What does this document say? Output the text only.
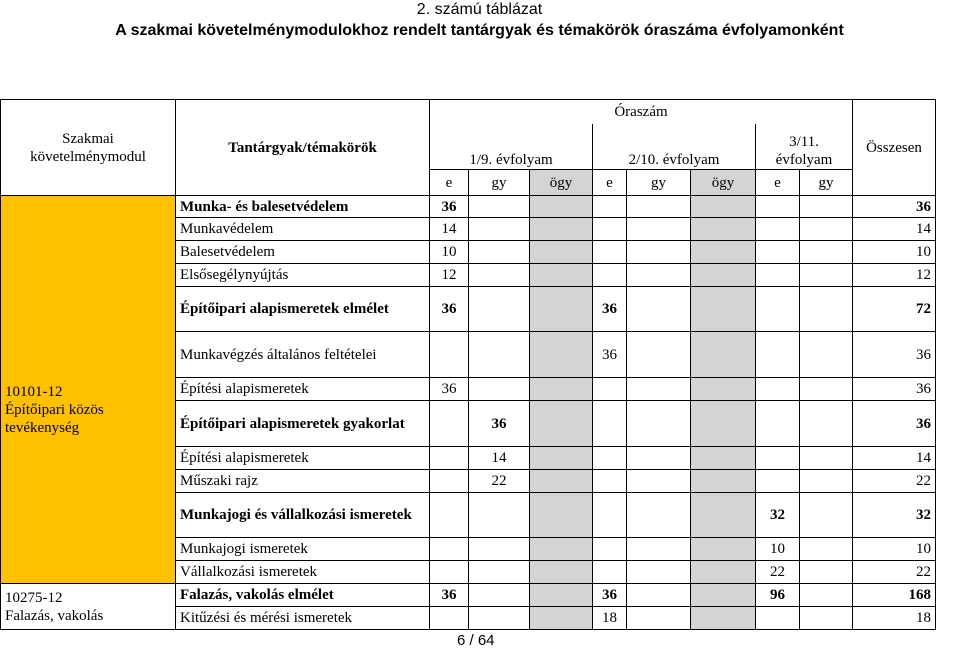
2. számú táblázat
A szakmai követelménymodulokhoz rendelt tantárgyak és témakörök óraszáma évfolyamonként
Szakmai követelménymodul	Tantárgyak/témakörök	Óraszám								Összesen
		1/9. évfolyam			2/10. évfolyam			3/11. évfolyam		
		e	gy	ögy	e	gy	ögy	e	gy	

10101-12
Építőipari közös tevékenység	Munka- és balesetvédelem	36								36
	Munkavédelem	14								14
	Balesetvédelem	10								10
	Elsősegélynyújtás	12								12
	Építőipari alapismeretek elmélet	36			36					72
	Munkavégzés általános feltételei				36					36
	Építési alapismeretek	36								36
	Építőipari alapismeretek gyakorlat		36							36
	Építési alapismeretek		14							14
	Műszaki rajz		22							22
	Munkajogi és vállalkozási ismeretek							32		32
	Munkajogi ismeretek							10		10
	Vállalkozási ismeretek							22		22

10275-12
Falazás, vakolás	Falazás, vakolás elmélet	36			36			96		168
	Kitűzési és mérési ismeretek				18					18
6 / 64
